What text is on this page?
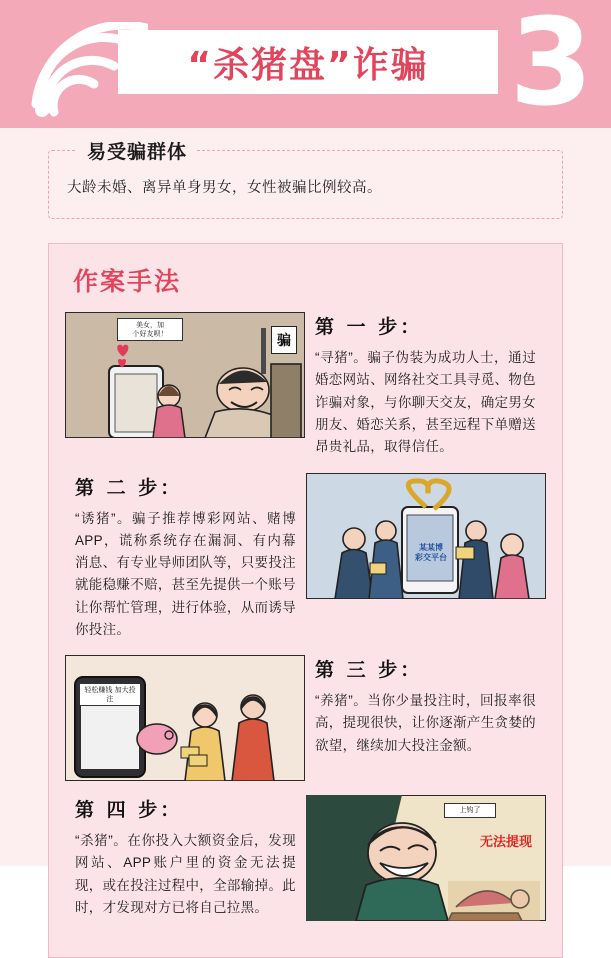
“杀猪盘”诈骗 3
易受骗群体
大龄未婚、离异单身男女，女性被骗比例较高。
作案手法
美女，加
个好友呗！	骗
第 一 步：
“寻猪”。骗子伪装为成功人士，通过婚恋网站、网络社交工具寻觅、物色诈骗对象，与你聊天交友，确定男女朋友、婚恋关系，甚至远程下单赠送昂贵礼品，取得信任。
某某博
彩交平台
第 二 步：
“诱猪”。骗子推荐博彩网站、赌博APP，谎称系统存在漏洞、有内幕消息、有专业导师团队等，只要投注就能稳赚不赔，甚至先提供一个账号让你帮忙管理，进行体验，从而诱导你投注。
轻松赚钱 加大投注
第 三 步：
“养猪”。当你少量投注时，回报率很高，提现很快，让你逐渐产生贪婪的欲望，继续加大投注金额。
上钩了
无法提现
第 四 步：
“杀猪”。在你投入大额资金后，发现网站、APP账户里的资金无法提现，或在投注过程中，全部输掉。此时，才发现对方已将自己拉黑。
